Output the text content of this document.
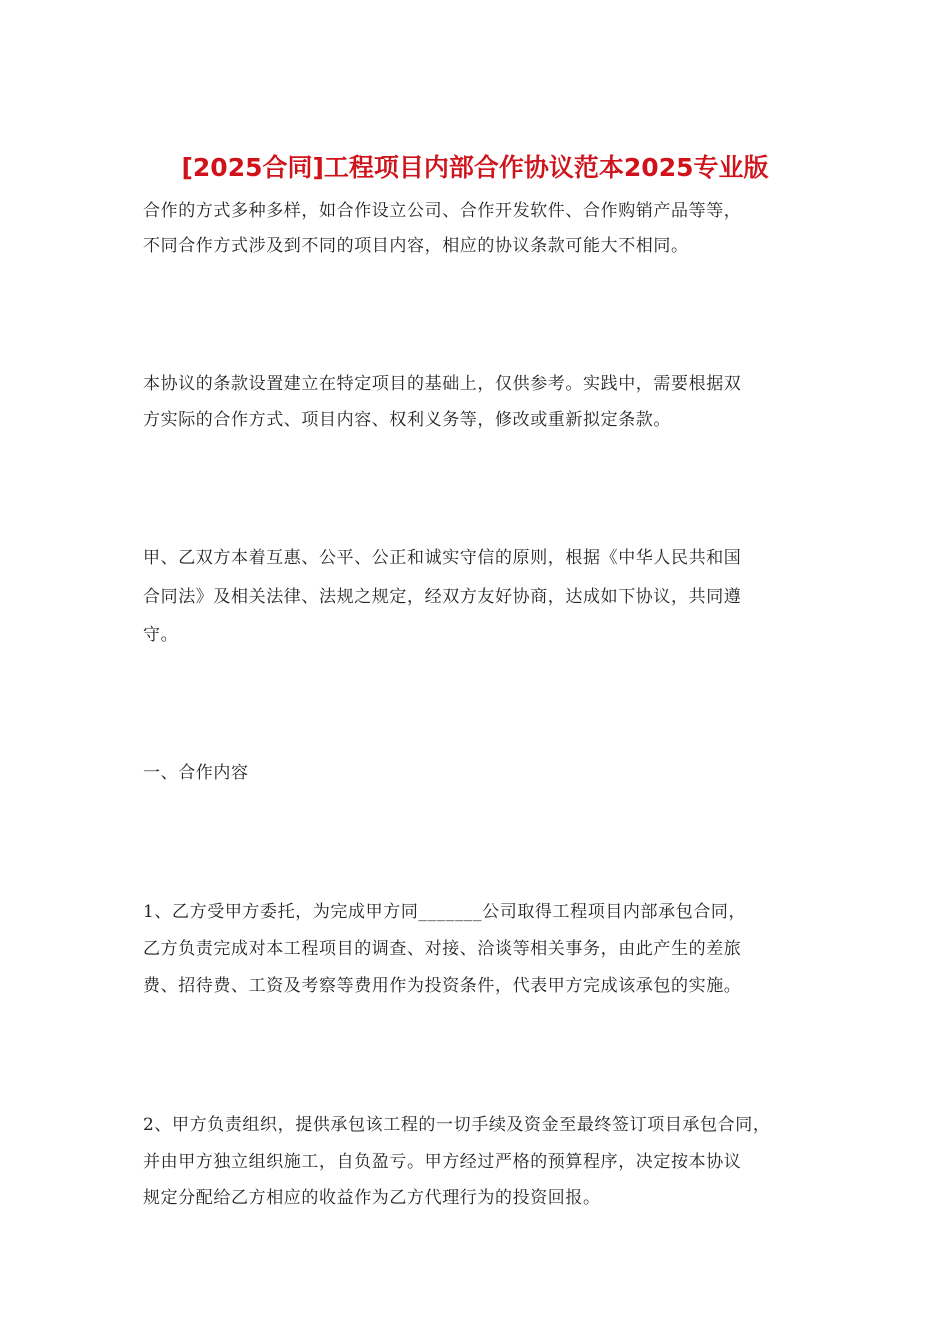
[2025合同]工程项目内部合作协议范本2025专业版
合作的方式多种多样，如合作设立公司、合作开发软件、合作购销产品等等，
不同合作方式涉及到不同的项目内容，相应的协议条款可能大不相同。
本协议的条款设置建立在特定项目的基础上，仅供参考。实践中，需要根据双
方实际的合作方式、项目内容、权利义务等，修改或重新拟定条款。
甲、乙双方本着互惠、公平、公正和诚实守信的原则，根据《中华人民共和国
合同法》及相关法律、法规之规定，经双方友好协商，达成如下协议，共同遵
守。
一、合作内容
1、乙方受甲方委托，为完成甲方同_______公司取得工程项目内部承包合同，
乙方负责完成对本工程项目的调查、对接、洽谈等相关事务，由此产生的差旅
费、招待费、工资及考察等费用作为投资条件，代表甲方完成该承包的实施。
2、甲方负责组织，提供承包该工程的一切手续及资金至最终签订项目承包合同，
并由甲方独立组织施工，自负盈亏。甲方经过严格的预算程序，决定按本协议
规定分配给乙方相应的收益作为乙方代理行为的投资回报。
